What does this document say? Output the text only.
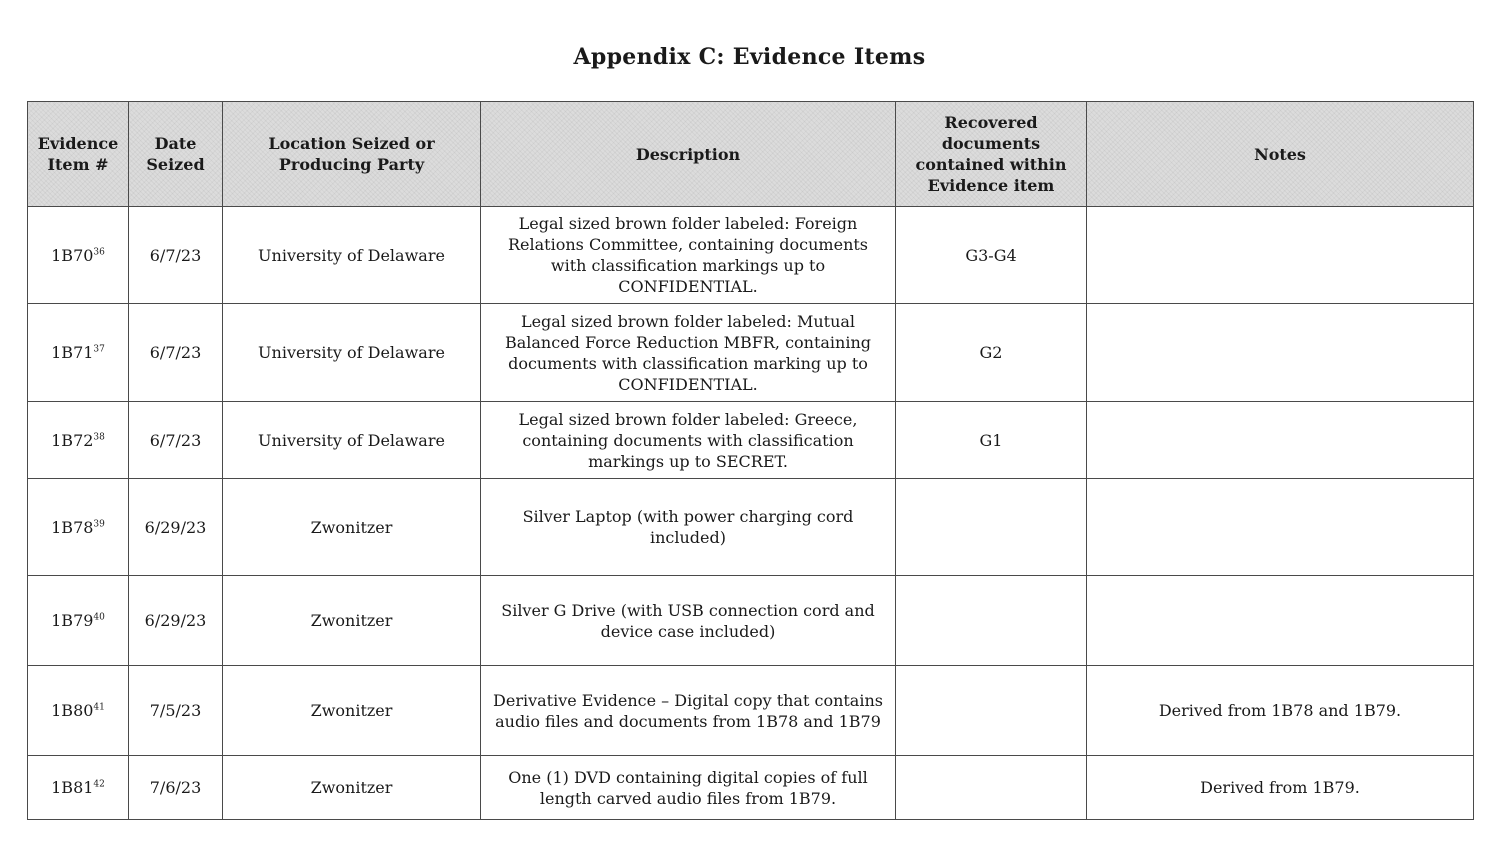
Appendix C: Evidence Items
Evidence Item #	Date Seized	Location Seized or Producing Party	Description	Recovered documents contained within Evidence item	Notes
$1B70^{36}$	6/7/23	University of Delaware	Legal sized brown folder labeled: Foreign Relations Committee, containing documents with classification markings up to CONFIDENTIAL.	G3-G4	
$1B71^{37}$	6/7/23	University of Delaware	Legal sized brown folder labeled: Mutual Balanced Force Reduction MBFR, containing documents with classification marking up to CONFIDENTIAL.	G2	
$1B72^{38}$	6/7/23	University of Delaware	Legal sized brown folder labeled: Greece, containing documents with classification markings up to SECRET.	G1	
$1B78^{39}$	6/29/23	Zwonitzer	Silver Laptop (with power charging cord included)		
$1B79^{40}$	6/29/23	Zwonitzer	Silver G Drive (with USB connection cord and device case included)		
$1B80^{41}$	7/5/23	Zwonitzer	Derivative Evidence – Digital copy that contains audio files and documents from 1B78 and 1B79		Derived from 1B78 and 1B79.
$1B81^{42}$	7/6/23	Zwonitzer	One (1) DVD containing digital copies of full length carved audio files from 1B79.		Derived from 1B79.
